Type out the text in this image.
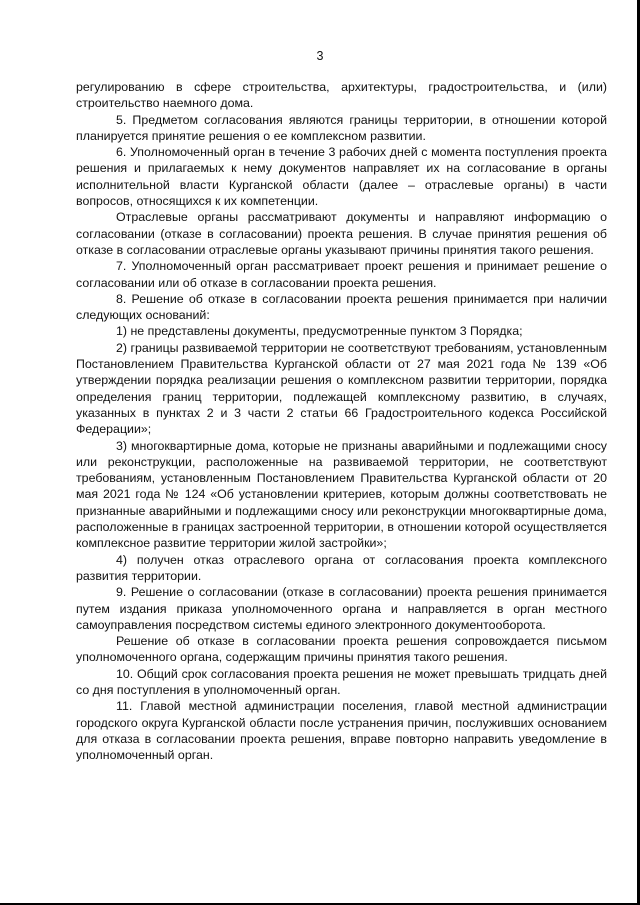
3

регулированию в сфере строительства, архитектуры, градостроительства, и (или) строительство наемного дома.

5. Предметом согласования являются границы территории, в отношении которой планируется принятие решения о ее комплексном развитии.

6. Уполномоченный орган в течение 3 рабочих дней с момента поступления проекта решения и прилагаемых к нему документов направляет их на согласование в органы исполнительной власти Курганской области (далее – отраслевые органы) в части вопросов, относящихся к их компетенции.

Отраслевые органы рассматривают документы и направляют информацию о согласовании (отказе в согласовании) проекта решения. В случае принятия решения об отказе в согласовании отраслевые органы указывают причины принятия такого решения.

7. Уполномоченный орган рассматривает проект решения и принимает решение о согласовании или об отказе в согласовании проекта решения.

8. Решение об отказе в согласовании проекта решения принимается при наличии следующих оснований:

1) не представлены документы, предусмотренные пунктом 3 Порядка;

2) границы развиваемой территории не соответствуют требованиям, установленным Постановлением Правительства Курганской области от 27 мая 2021 года № 139 «Об утверждении порядка реализации решения о комплексном развитии территории, порядка определения границ территории, подлежащей комплексному развитию, в случаях, указанных в пунктах 2 и 3 части 2 статьи 66 Градостроительного кодекса Российской Федерации»;

3) многоквартирные дома, которые не признаны аварийными и подлежащими сносу или реконструкции, расположенные на развиваемой территории, не соответствуют требованиям, установленным Постановлением Правительства Курганской области от 20 мая 2021 года № 124 «Об установлении критериев, которым должны соответствовать не признанные аварийными и подлежащими сносу или реконструкции многоквартирные дома, расположенные в границах застроенной территории, в отношении которой осуществляется комплексное развитие территории жилой застройки»;

4) получен отказ отраслевого органа от согласования проекта комплексного развития территории.

9. Решение о согласовании (отказе в согласовании) проекта решения принимается путем издания приказа уполномоченного органа и направляется в орган местного самоуправления посредством системы единого электронного документооборота.

Решение об отказе в согласовании проекта решения сопровождается письмом уполномоченного органа, содержащим причины принятия такого решения.

10. Общий срок согласования проекта решения не может превышать тридцать дней со дня поступления в уполномоченный орган.

11. Главой местной администрации поселения, главой местной администрации городского округа Курганской области после устранения причин, послуживших основанием для отказа в согласовании проекта решения, вправе повторно направить уведомление в уполномоченный орган.
